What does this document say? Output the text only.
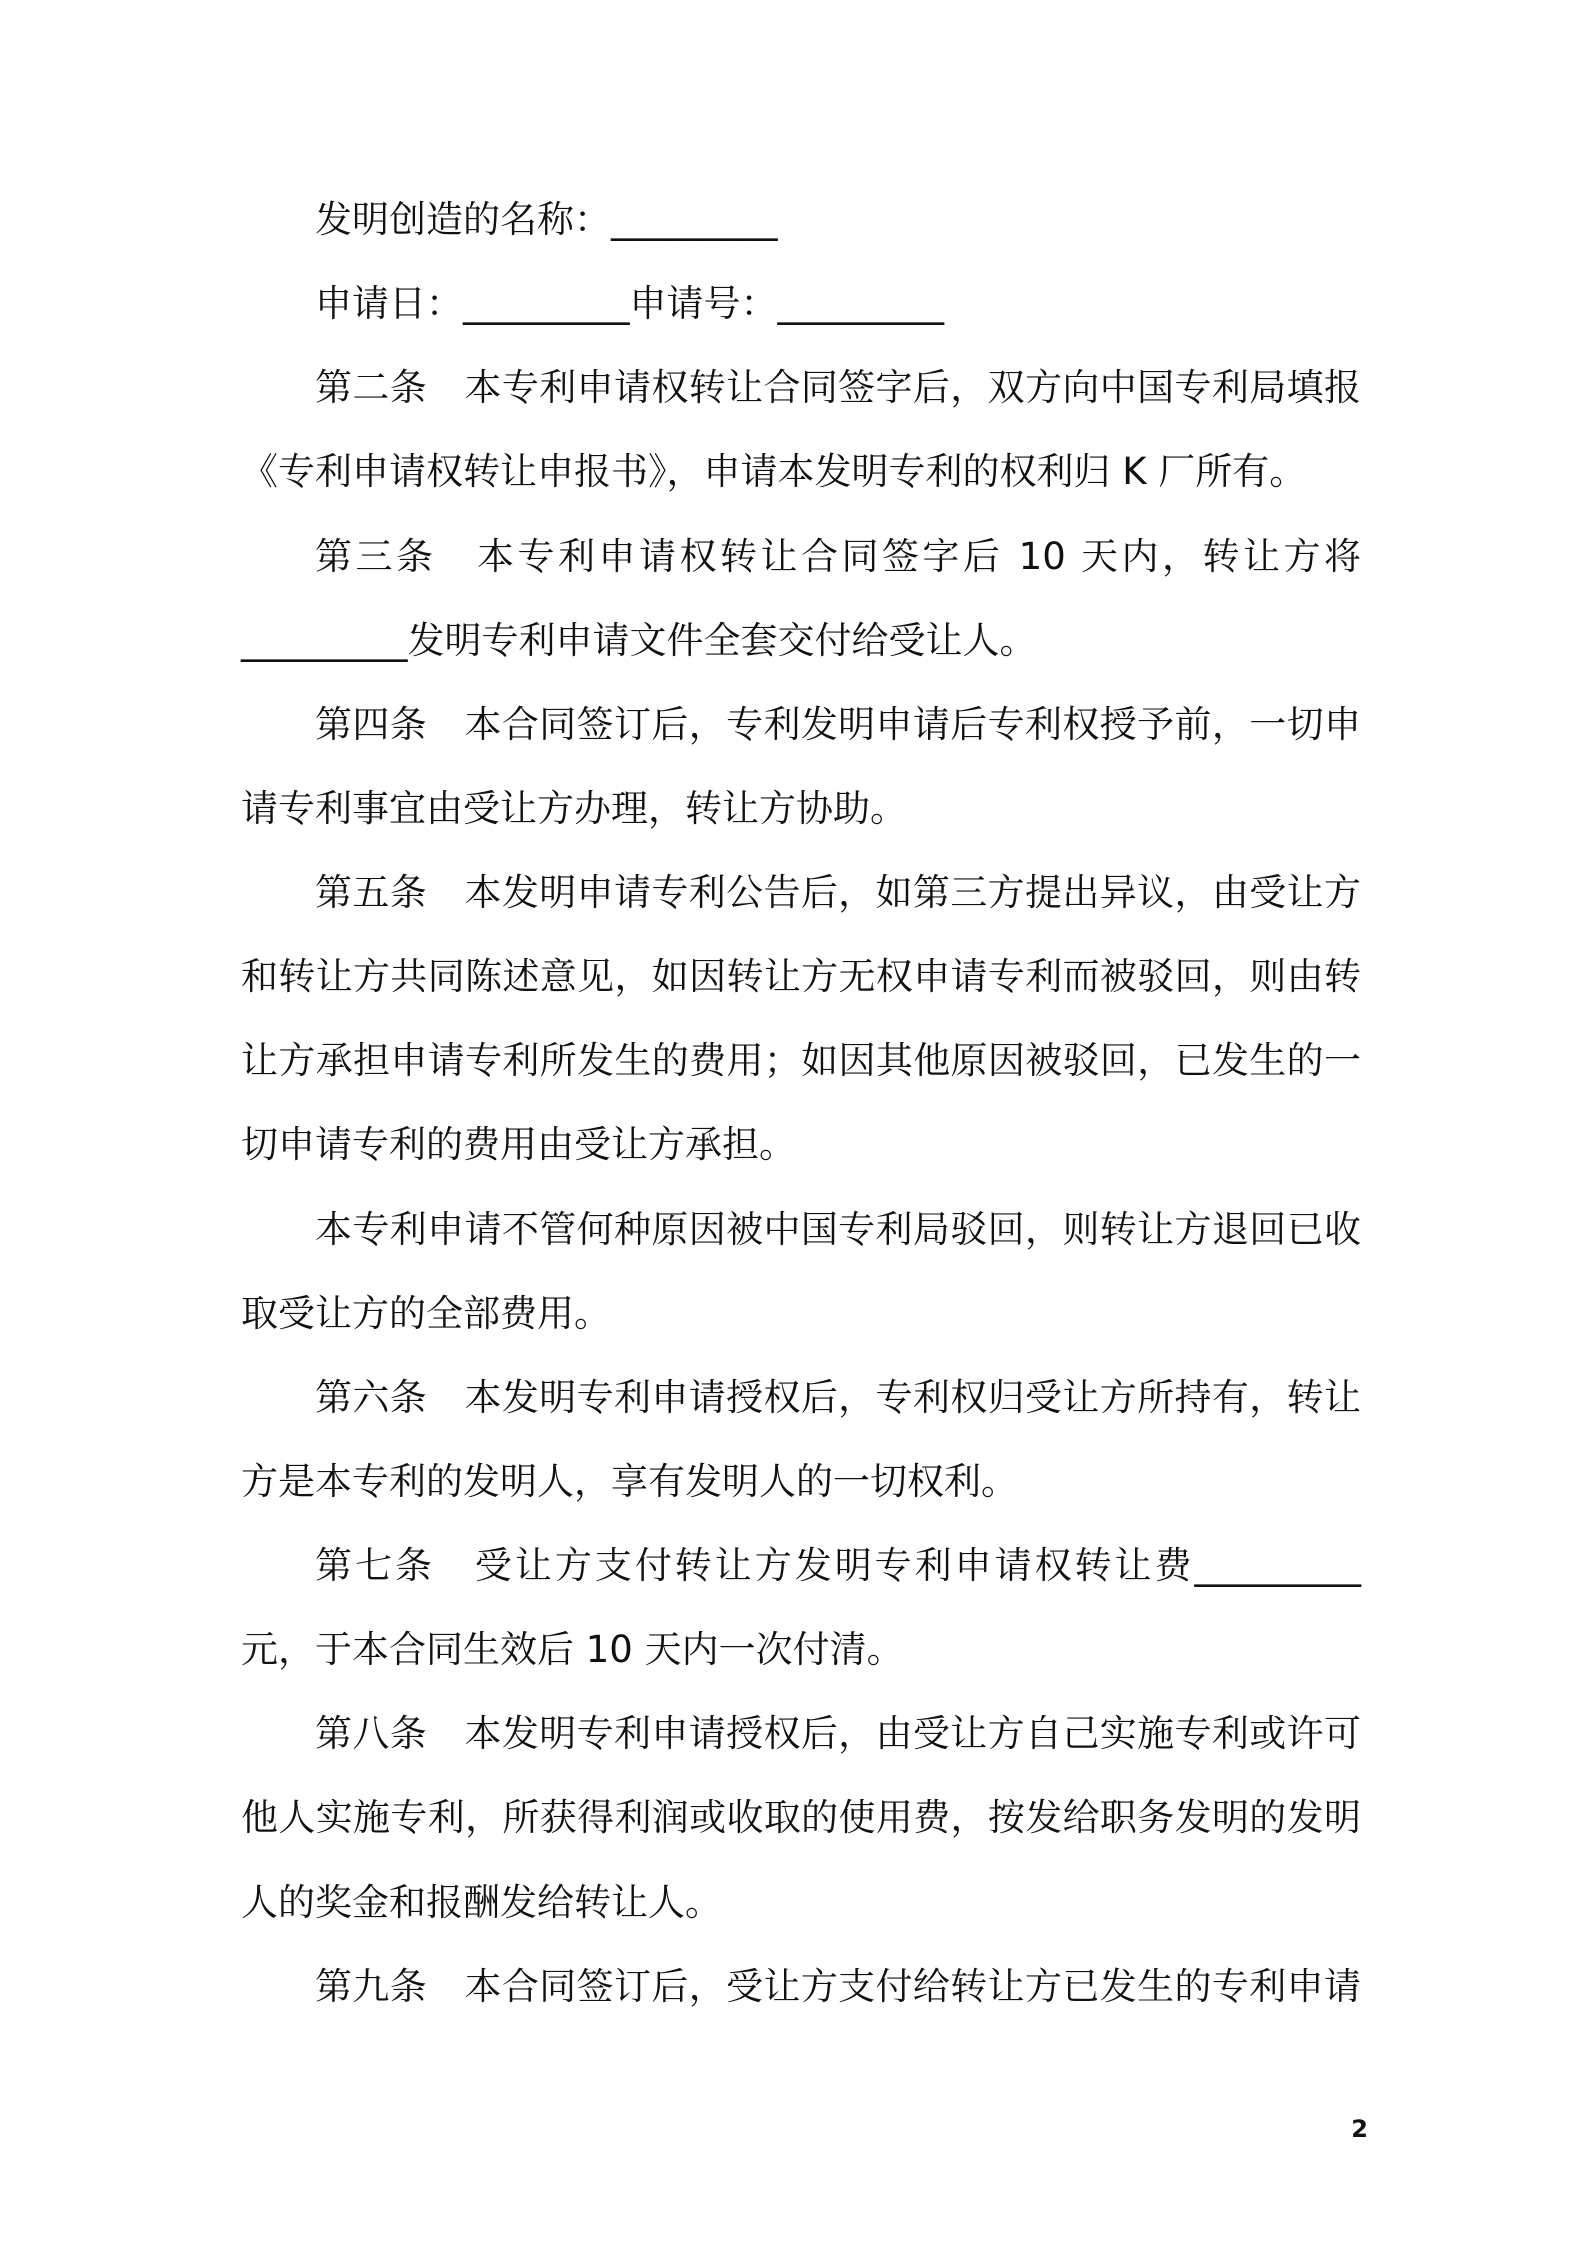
发明创造的名称：_________
申请日：_________申请号：_________
第二条　本专利申请权转让合同签字后，双方向中国专利局填报
《专利申请权转让申报书》，申请本发明专利的权利归 K 厂所有。
第三条　本专利申请权转让合同签字后 10 天内，转让方将
_________发明专利申请文件全套交付给受让人。
第四条　本合同签订后，专利发明申请后专利权授予前，一切申
请专利事宜由受让方办理，转让方协助。
第五条　本发明申请专利公告后，如第三方提出异议，由受让方
和转让方共同陈述意见，如因转让方无权申请专利而被驳回，则由转
让方承担申请专利所发生的费用；如因其他原因被驳回，已发生的一
切申请专利的费用由受让方承担。
本专利申请不管何种原因被中国专利局驳回，则转让方退回已收
取受让方的全部费用。
第六条　本发明专利申请授权后，专利权归受让方所持有，转让
方是本专利的发明人，享有发明人的一切权利。
第七条　受让方支付转让方发明专利申请权转让费_________
元，于本合同生效后 10 天内一次付清。
第八条　本发明专利申请授权后，由受让方自己实施专利或许可
他人实施专利，所获得利润或收取的使用费，按发给职务发明的发明
人的奖金和报酬发给转让人。
第九条　本合同签订后，受让方支付给转让方已发生的专利申请
2
